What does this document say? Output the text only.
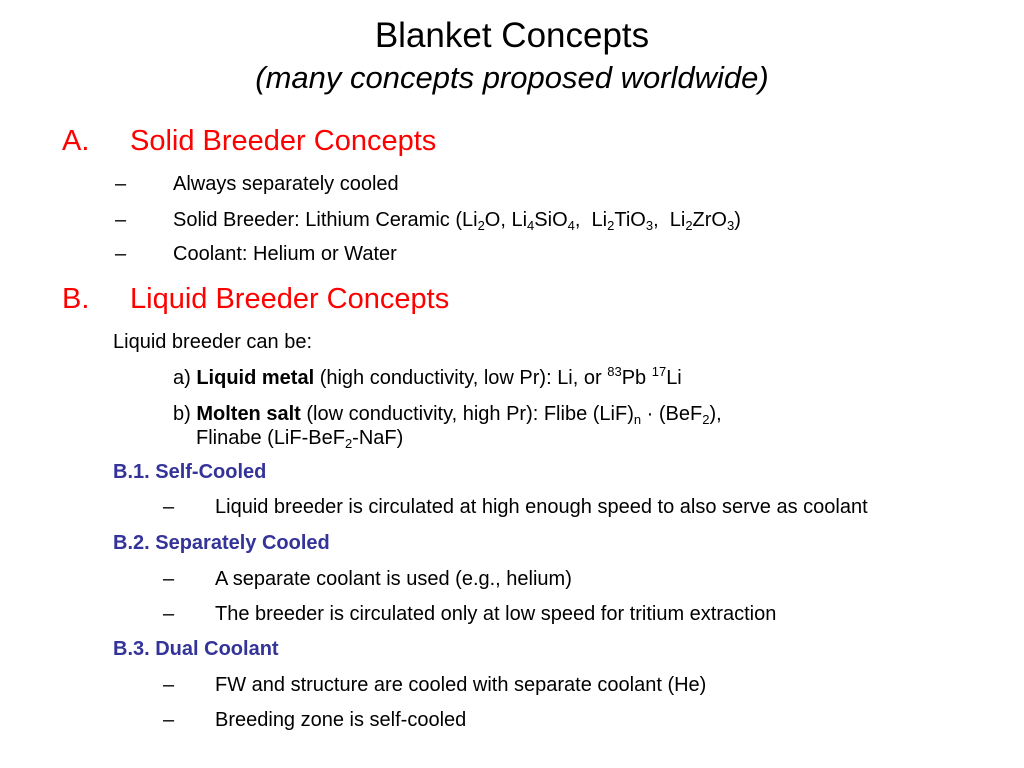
Blanket Concepts
(many concepts proposed worldwide)
A. Solid Breeder Concepts
– Always separately cooled
– Solid Breeder: Lithium Ceramic ($Li_2O$, $Li_4SiO_4$,  $Li_2TiO_3$,  $Li_2ZrO_3$)
– Coolant: Helium or Water
B. Liquid Breeder Concepts
Liquid breeder can be:
a) Liquid metal (high conductivity, low Pr): Li, or $^{83}$Pb $^{17}$Li
b) Molten salt (low conductivity, high Pr): Flibe $(LiF)_n \cdot (BeF_2)$,
Flinabe (LiF-BeF$_2$-NaF)
B.1. Self-Cooled
– Liquid breeder is circulated at high enough speed to also serve as coolant
B.2. Separately Cooled
– A separate coolant is used (e.g., helium)
– The breeder is circulated only at low speed for tritium extraction
B.3. Dual Coolant
– FW and structure are cooled with separate coolant (He)
– Breeding zone is self-cooled
